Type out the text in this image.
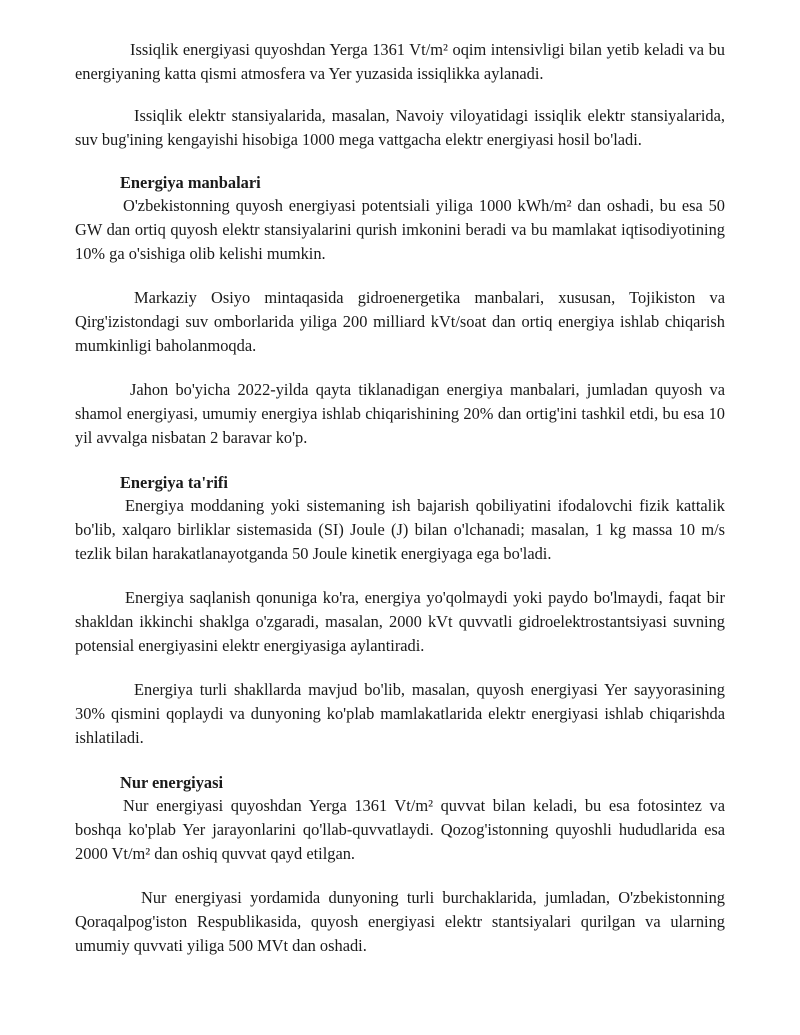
Issiqlik energiyasi quyoshdan Yerga 1361 Vt/m² oqim intensivligi bilan yetib keladi va bu energiyaning katta qismi atmosfera va Yer yuzasida issiqlikka aylanadi.

Issiqlik elektr stansiyalarida, masalan, Navoiy viloyatidagi issiqlik elektr stansiyalarida, suv bug'ining kengayishi hisobiga 1000 mega vattgacha elektr energiyasi hosil bo'ladi.

Energiya manbalari

O'zbekistonning quyosh energiyasi potentsiali yiliga 1000 kWh/m² dan oshadi, bu esa 50 GW dan ortiq quyosh elektr stansiyalarini qurish imkonini beradi va bu mamlakat iqtisodiyotining 10% ga o'sishiga olib kelishi mumkin.

Markaziy Osiyo mintaqasida gidroenergetika manbalari, xususan, Tojikiston va Qirg'izistondagi suv omborlarida yiliga 200 milliard kVt/soat dan ortiq energiya ishlab chiqarish mumkinligi baholanmoqda.

Jahon bo'yicha 2022-yilda qayta tiklanadigan energiya manbalari, jumladan quyosh va shamol energiyasi, umumiy energiya ishlab chiqarishining 20% dan ortig'ini tashkil etdi, bu esa 10 yil avvalga nisbatan 2 baravar ko'p.

Energiya ta'rifi

Energiya moddaning yoki sistemaning ish bajarish qobiliyatini ifodalovchi fizik kattalik bo'lib, xalqaro birliklar sistemasida (SI) Joule (J) bilan o'lchanadi; masalan, 1 kg massa 10 m/s tezlik bilan harakatlanayotganda 50 Joule kinetik energiyaga ega bo'ladi.

Energiya saqlanish qonuniga ko'ra, energiya yo'qolmaydi yoki paydo bo'lmaydi, faqat bir shakldan ikkinchi shaklga o'zgaradi, masalan, 2000 kVt quvvatli gidroelektrostantsiyasi suvning potensial energiyasini elektr energiyasiga aylantiradi.

Energiya turli shakllarda mavjud bo'lib, masalan, quyosh energiyasi Yer sayyorasining 30% qismini qoplaydi va dunyoning ko'plab mamlakatlarida elektr energiyasi ishlab chiqarishda ishlatiladi.

Nur energiyasi

Nur energiyasi quyoshdan Yerga 1361 Vt/m² quvvat bilan keladi, bu esa fotosintez va boshqa ko'plab Yer jarayonlarini qo'llab-quvvatlaydi. Qozog'istonning quyoshli hududlarida esa 2000 Vt/m² dan oshiq quvvat qayd etilgan.

Nur energiyasi yordamida dunyoning turli burchaklarida, jumladan, O'zbekistonning Qoraqalpog'iston Respublikasida, quyosh energiyasi elektr stantsiyalari qurilgan va ularning umumiy quvvati yiliga 500 MVt dan oshadi.
